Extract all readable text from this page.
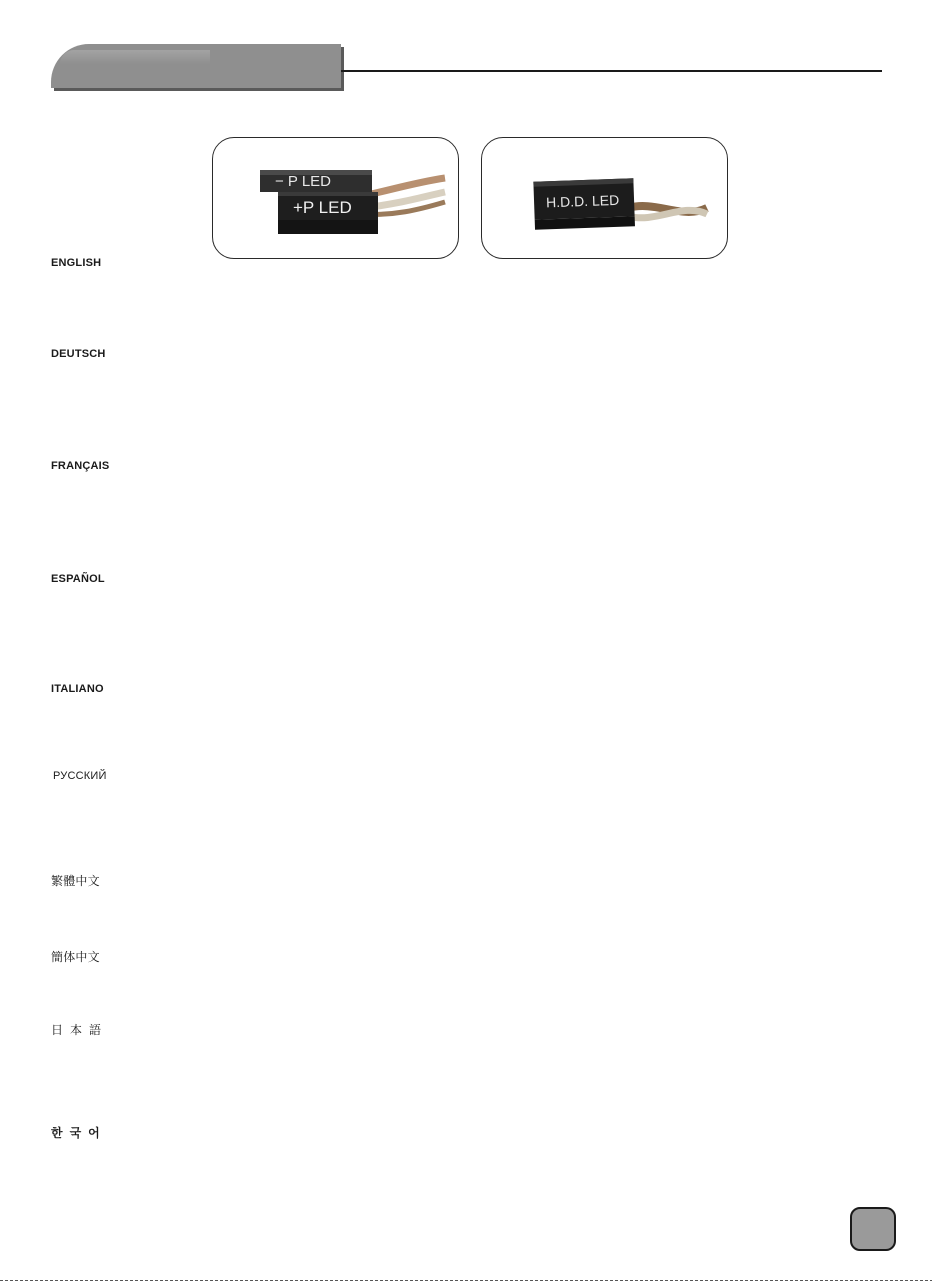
− P LED
+P LED	H.D.D. LED
ENGLISH
DEUTSCH
FRANÇAIS
ESPAÑOL
ITALIANO
РУССКИЙ
繁體中文
簡体中文
日本語
한국어
